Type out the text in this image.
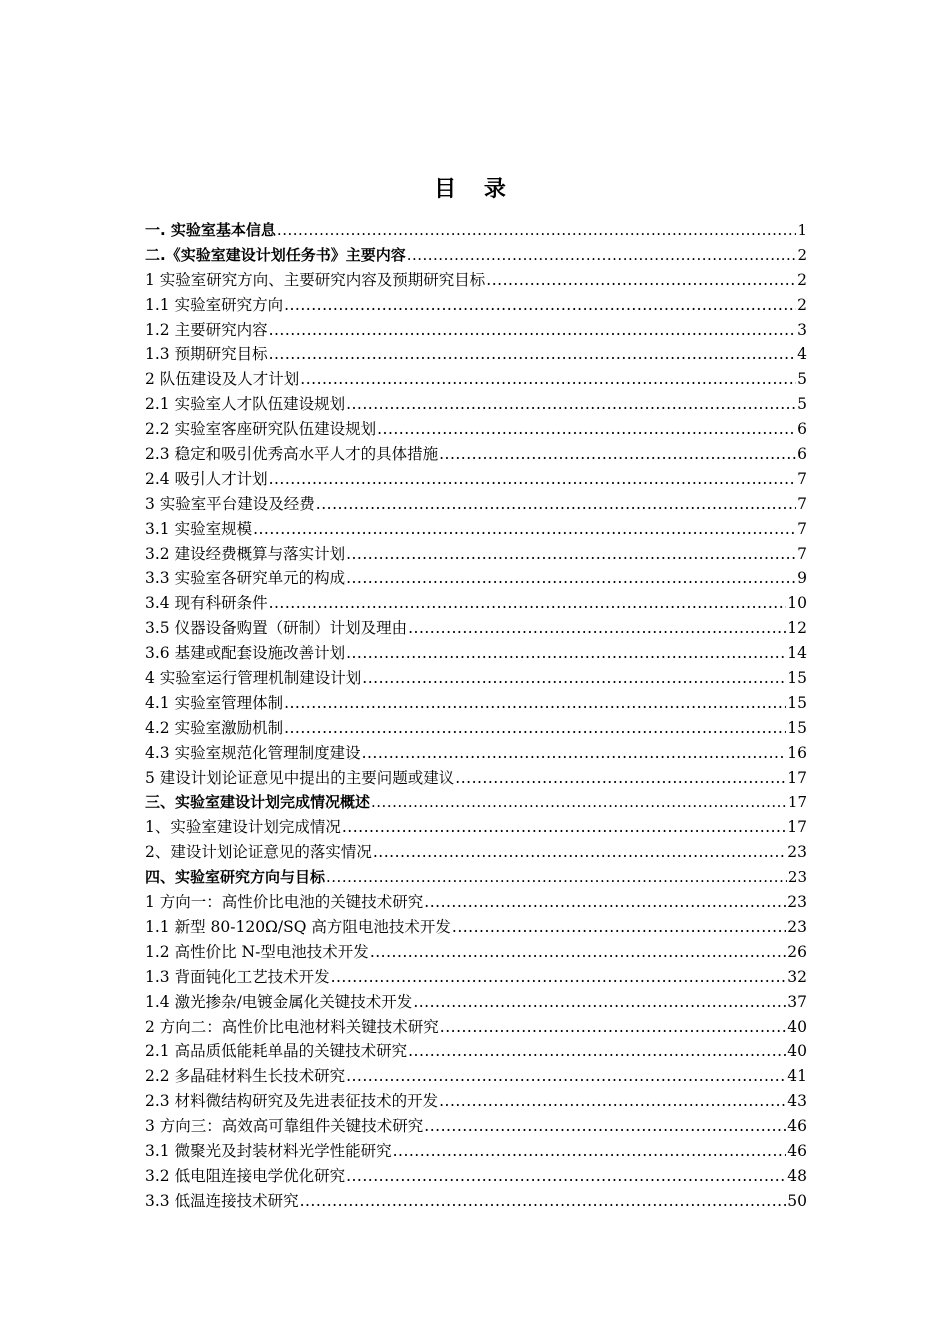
目 录
一. 实验室基本信息 .....	1
二.《实验室建设计划任务书》主要内容 .....	2
1 实验室研究方向、主要研究内容及预期研究目标 .....	2
1.1 实验室研究方向 .....	2
1.2 主要研究内容 .....	3
1.3 预期研究目标 .....	4
2 队伍建设及人才计划 .....	5
2.1 实验室人才队伍建设规划 .....	5
2.2 实验室客座研究队伍建设规划 .....	6
2.3 稳定和吸引优秀高水平人才的具体措施 .....	6
2.4 吸引人才计划 .....	7
3 实验室平台建设及经费 .....	7
3.1 实验室规模 .....	7
3.2 建设经费概算与落实计划 .....	7
3.3 实验室各研究单元的构成 .....	9
3.4 现有科研条件 .....	10
3.5 仪器设备购置（研制）计划及理由 .....	12
3.6 基建或配套设施改善计划 .....	14
4 实验室运行管理机制建设计划 .....	15
4.1 实验室管理体制 .....	15
4.2 实验室激励机制 .....	15
4.3 实验室规范化管理制度建设 .....	16
5 建设计划论证意见中提出的主要问题或建议 .....	17
三、实验室建设计划完成情况概述 .....	17
1、实验室建设计划完成情况 .....	17
2、建设计划论证意见的落实情况 .....	23
四、实验室研究方向与目标 .....	23
1 方向一：高性价比电池的关键技术研究 .....	23
1.1 新型 80-120Ω/SQ 高方阻电池技术开发 .....	23
1.2 高性价比 N-型电池技术开发 .....	26
1.3 背面钝化工艺技术开发 .....	32
1.4 激光掺杂/电镀金属化关键技术开发 .....	37
2 方向二：高性价比电池材料关键技术研究 .....	40
2.1 高品质低能耗单晶的关键技术研究 .....	40
2.2 多晶硅材料生长技术研究 .....	41
2.3 材料微结构研究及先进表征技术的开发 .....	43
3 方向三：高效高可靠组件关键技术研究 .....	46
3.1 微聚光及封装材料光学性能研究 .....	46
3.2 低电阻连接电学优化研究 .....	48
3.3 低温连接技术研究 .....	50
